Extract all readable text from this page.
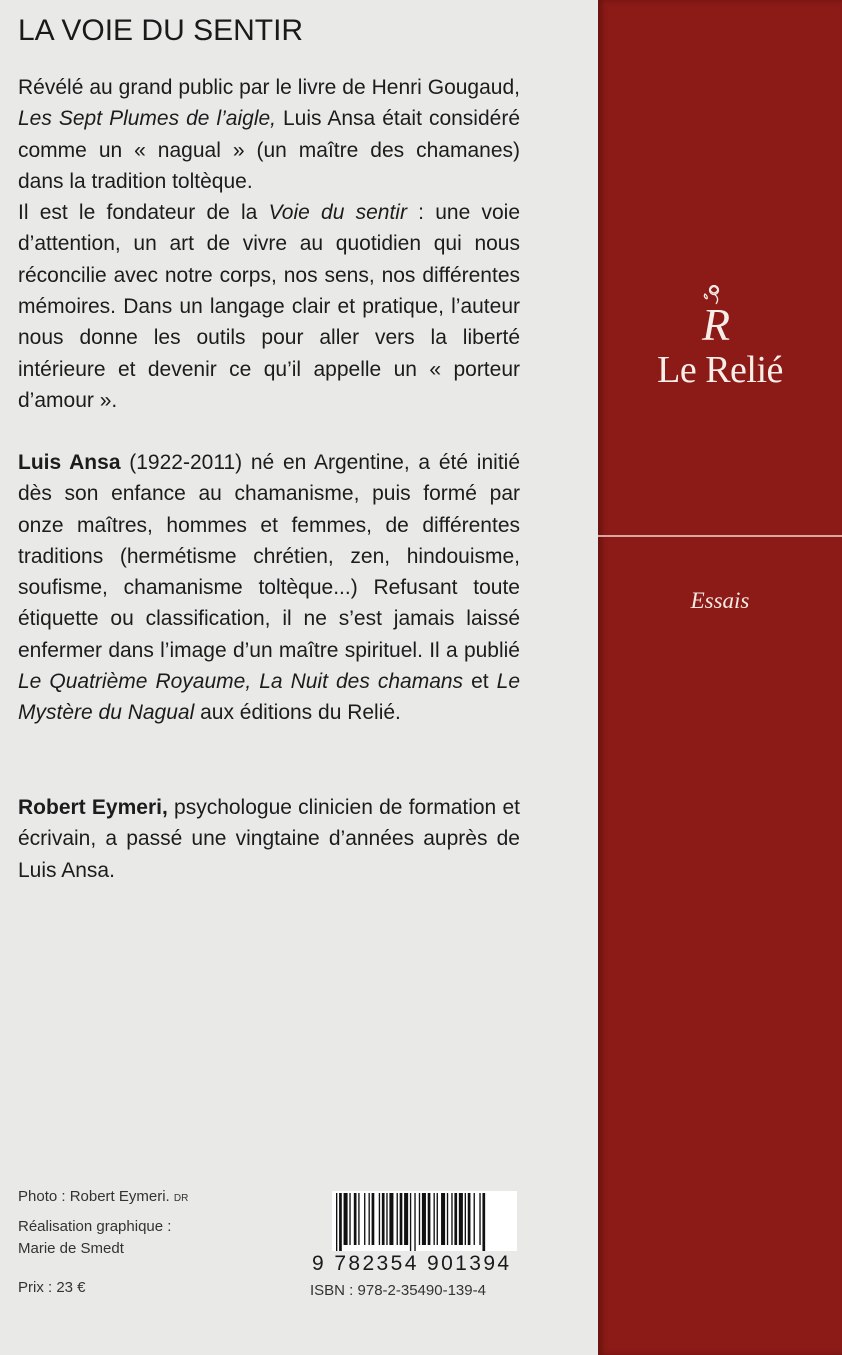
LA VOIE DU SENTIR

Révélé au grand public par le livre de Henri Gougaud, Les Sept Plumes de l’aigle, Luis Ansa était considéré comme un « nagual » (un maître des chamanes) dans la tradition toltèque.
Il est le fondateur de la Voie du sentir : une voie d’attention, un art de vivre au quotidien qui nous réconcilie avec notre corps, nos sens, nos différentes mémoires. Dans un langage clair et pratique, l’auteur nous donne les outils pour aller vers la liberté intérieure et devenir ce qu’il appelle un « porteur d’amour ».

Luis Ansa (1922-2011) né en Argentine, a été initié dès son enfance au chamanisme, puis formé par onze maîtres, hommes et femmes, de différentes traditions (hermétisme chrétien, zen, hindouisme, soufisme, chamanisme toltèque...) Refusant toute étiquette ou classification, il ne s’est jamais laissé enfermer dans l’image d’un maître spirituel. Il a publié Le Quatrième Royaume, La Nuit des chamans et Le Mystère du Nagual aux éditions du Relié.

Robert Eymeri, psychologue clinicien de formation et écrivain, a passé une vingtaine d’années auprès de Luis Ansa.

Photo : Robert Eymeri. DR
Réalisation graphique :
Marie de Smedt
Prix : 23 €
9 782354 901394
ISBN : 978-2-35490-139-4
R
Le Relié
Essais
